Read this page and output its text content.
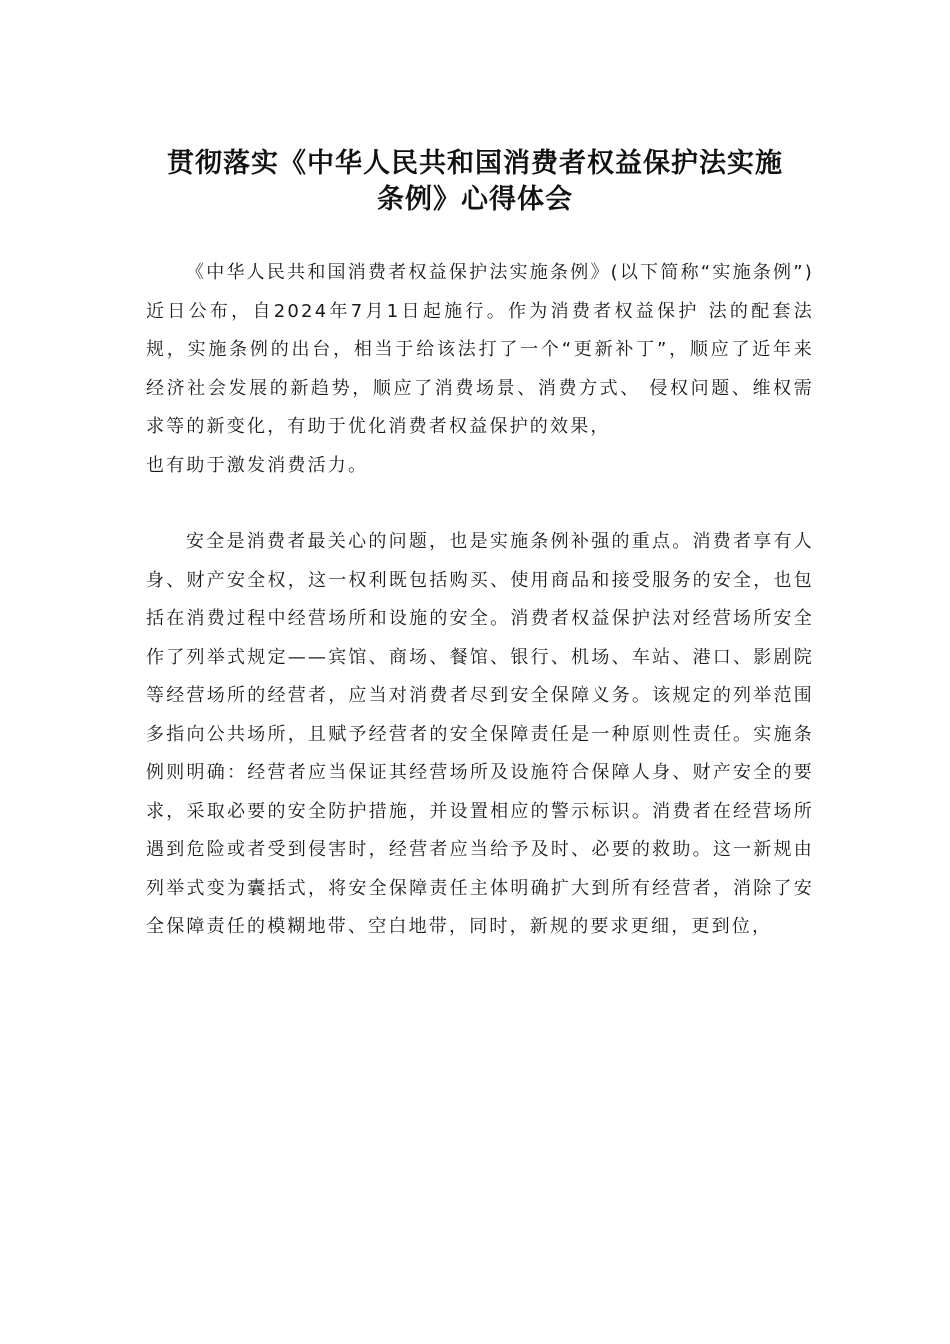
贯彻落实《中华人民共和国消费者权益保护法实施
条例》心得体会

《中华人民共和国消费者权益保护法实施条例》(以下简称“实施条例”)近日公布，自2024年7月1日起施行。作为消费者权益保护 法的配套法规，实施条例的出台，相当于给该法打了一个“更新补丁”，顺应了近年来经济社会发展的新趋势，顺应了消费场景、消费方式、 侵权问题、维权需求等的新变化，有助于优化消费者权益保护的效果，

也有助于激发消费活力。

安全是消费者最关心的问题，也是实施条例补强的重点。消费者享有人身、财产安全权，这一权利既包括购买、使用商品和接受服务的安全，也包括在消费过程中经营场所和设施的安全。消费者权益保护法对经营场所安全作了列举式规定——宾馆、商场、餐馆、银行、机场、车站、港口、影剧院等经营场所的经营者，应当对消费者尽到安全保障义务。该规定的列举范围多指向公共场所，且赋予经营者的安全保障责任是一种原则性责任。实施条例则明确：经营者应当保证其经营场所及设施符合保障人身、财产安全的要求，采取必要的安全防护措施，并设置相应的警示标识。消费者在经营场所遇到危险或者受到侵害时，经营者应当给予及时、必要的救助。这一新规由列举式变为囊括式，将安全保障责任主体明确扩大到所有经营者，消除了安全保障责任的模糊地带、空白地带，同时，新规的要求更细，更到位，
